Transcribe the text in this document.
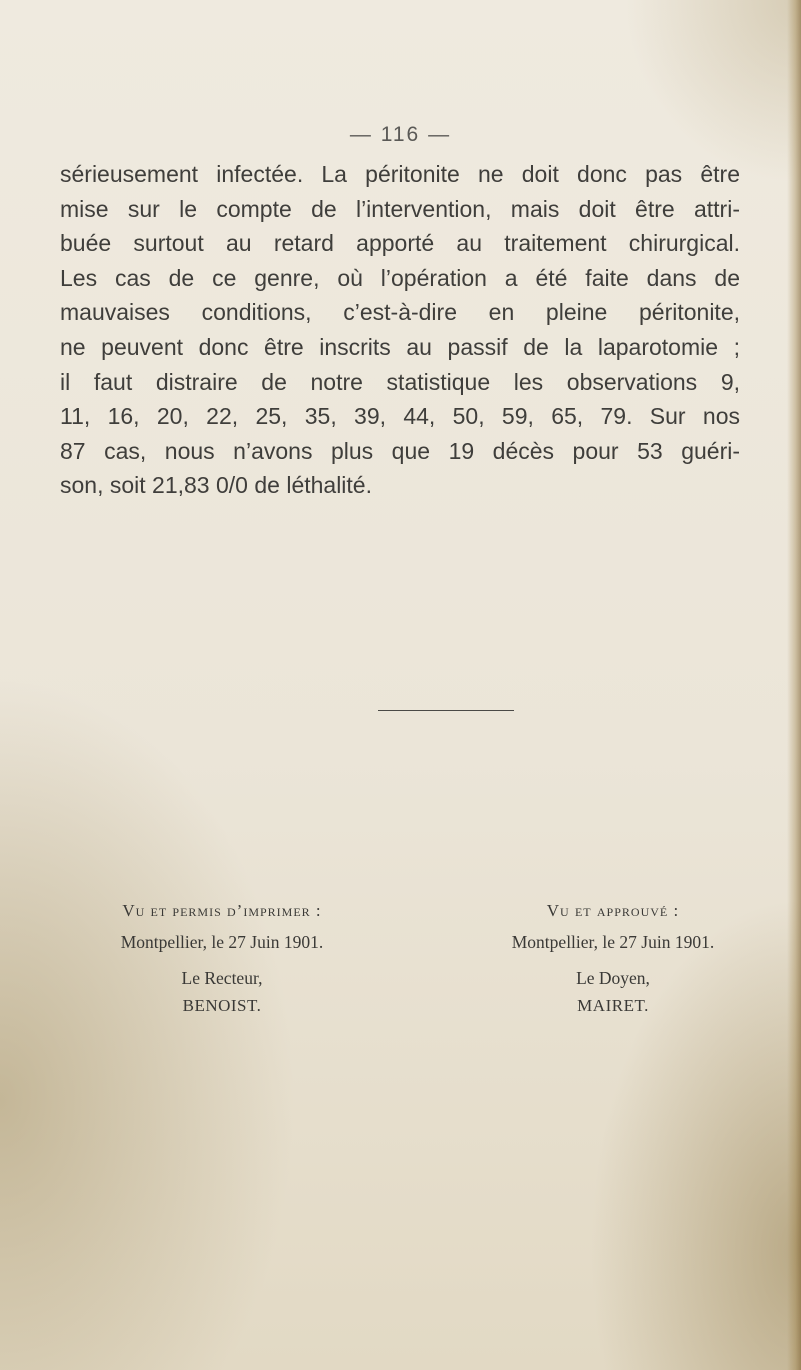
— 116 —
sérieusement infectée. La péritonite ne doit donc pas être
mise sur le compte de l’intervention, mais doit être attri-
buée surtout au retard apporté au traitement chirurgical.
Les cas de ce genre, où l’opération a été faite dans de
mauvaises conditions, c’est-à-dire en pleine péritonite,
ne peuvent donc être inscrits au passif de la laparotomie ;
il faut distraire de notre statistique les observations 9,
11, 16, 20, 22, 25, 35, 39, 44, 50, 59, 65, 79. Sur nos
87 cas, nous n’avons plus que 19 décès pour 53 guéri-
son, soit 21,83 0/0 de léthalité.
Vu et permis d’imprimer :
Montpellier, le 27 Juin 1901.
Le Recteur,
BENOIST.
Vu et approuvé :
Montpellier, le 27 Juin 1901.
Le Doyen,
MAIRET.
